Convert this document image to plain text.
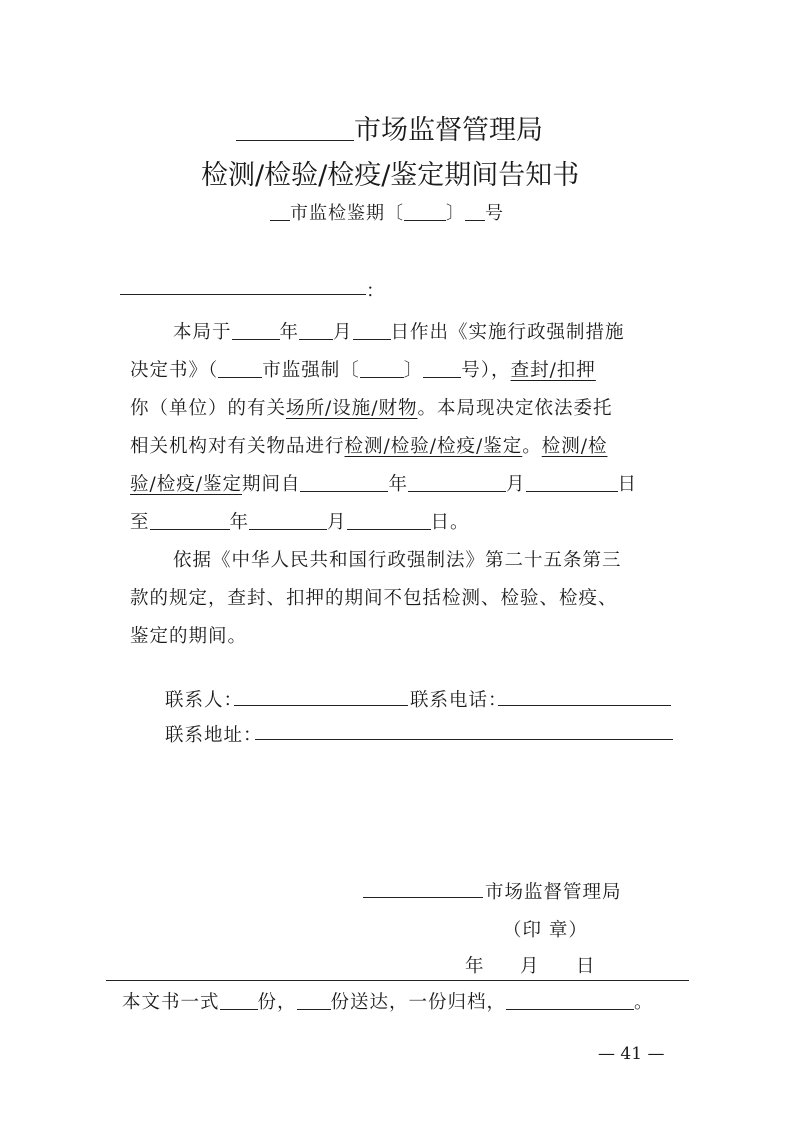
市场监督管理局
检测/检验/检疫/鉴定期间告知书
市监检鉴期〔 〕 号
：
本局于	年 月 日作出《实施行政强制措施
决定书》（ 市监强制〔 〕 号），查封/扣押
你（单位）的有关场所/设施/财物。本局现决定依法委托
相关机构对有关物品进行检测/检验/检疫/鉴定。检测/检
验/检疫/鉴定期间自	年	月	日
至	年	月	日。
依据《中华人民共和国行政强制法》第二十五条第三
款的规定，查封、扣押的期间不包括检测、检验、检疫、
鉴定的期间。
联系人：	联系电话：
联系地址：
市场监督管理局
（印 章）
年 月 日
本文书一式 份， 份送达，一份归档，	。
— 41 —
